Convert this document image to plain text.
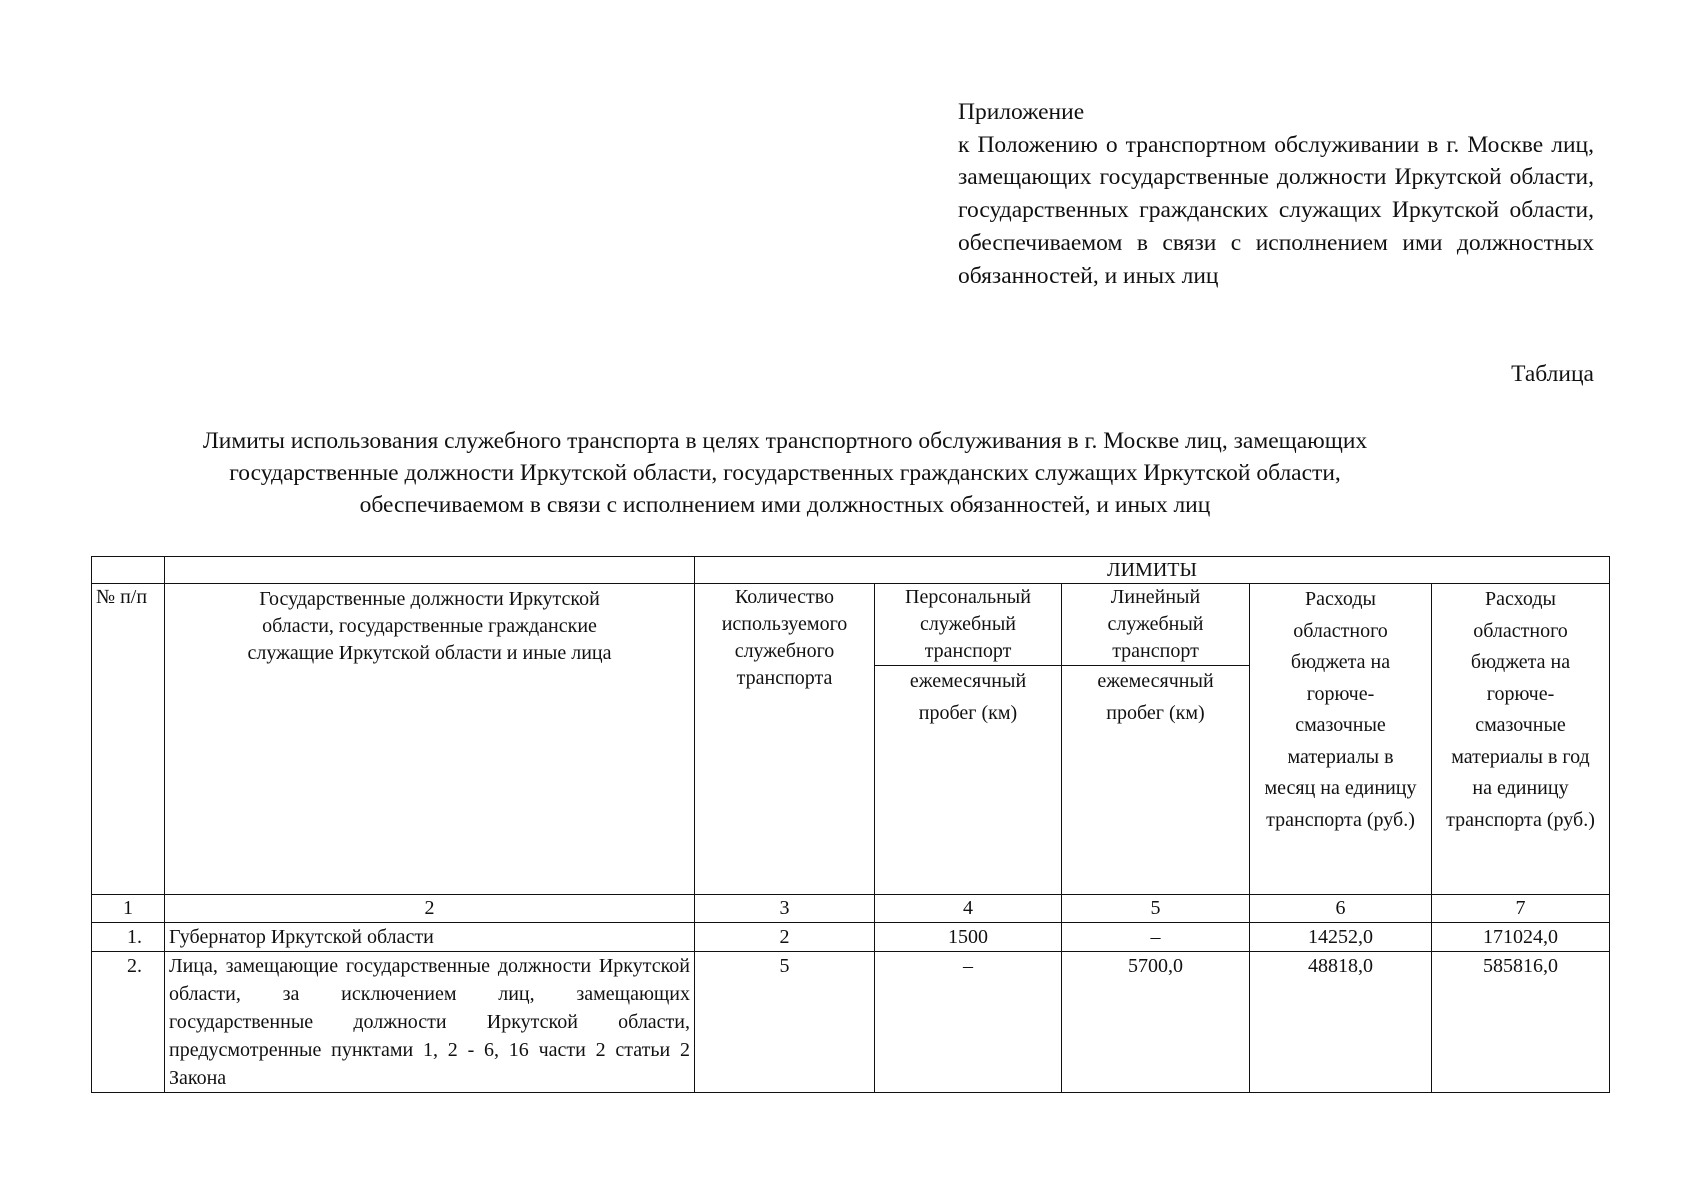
Приложение
к Положению о транспортном обслуживании в г. Москве лиц, замещающих государственные должности Иркутской области, государственных гражданских служащих Иркутской области, обеспечиваемом в связи с исполнением ими должностных обязанностей, и иных лиц
Таблица
Лимиты использования служебного транспорта в целях транспортного обслуживания в г. Москве лиц, замещающих
государственные должности Иркутской области, государственных гражданских служащих Иркутской области,
обеспечиваемом в связи с исполнением ими должностных обязанностей, и иных лиц
		ЛИМИТЫ				
№ п/п	Государственные должности Иркутской области, государственные гражданские служащие Иркутской области и иные лица	Количество используемого служебного транспорта	Персональный служебный транспорт	Линейный служебный транспорт	Расходы областного бюджета на горюче-смазочные материалы в месяц на единицу транспорта (руб.)	Расходы областного бюджета на горюче-смазочные материалы в год на единицу транспорта (руб.)
			ежемесячный пробег (км)	ежемесячный пробег (км)		
1	2	3	4	5	6	7
1.	Губернатор Иркутской области	2	1500	–	14252,0	171024,0
2.	Лица, замещающие государственные должности Иркутской области, за исключением лиц, замещающих государственные должности Иркутской области, предусмотренные пунктами 1, 2 - 6, 16 части 2 статьи 2 Закона	5	–	5700,0	48818,0	585816,0
